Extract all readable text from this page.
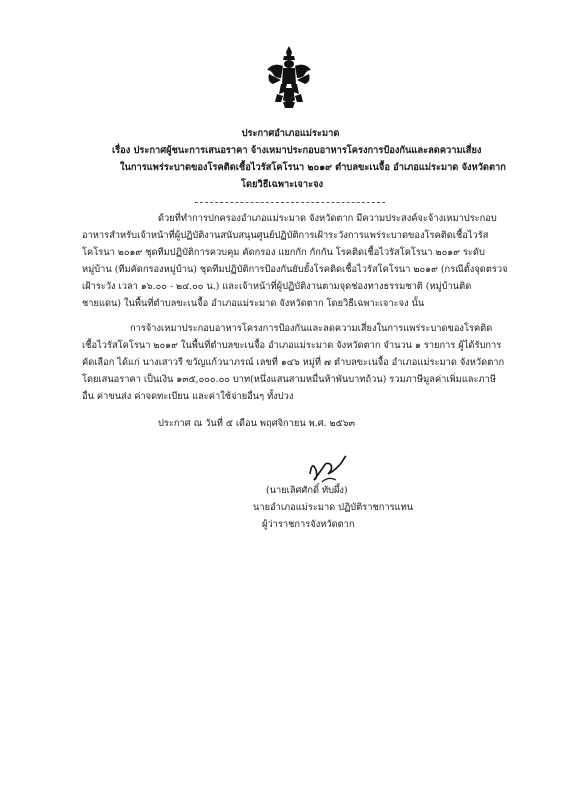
ประกาศอำเภอแม่ระมาด
เรื่อง ประกาศผู้ชนะการเสนอราคา จ้างเหมาประกอบอาหารโครงการป้องกันและลดความเสี่ยง
ในการแพร่ระบาดของโรคติดเชื้อไวรัสโคโรนา ๒๐๑๙ ตำบลขะเนจื้อ อำเภอแม่ระมาด จังหวัดตาก
โดยวิธีเฉพาะเจาะจง
ด้วยที่ทำการปกครองอำเภอแม่ระมาด จังหวัดตาก มีความประสงค์จะจ้างเหมาประกอบ
อาหารสำหรับเจ้าหน้าที่ผู้ปฏิบัติงานสนับสนุนศูนย์ปฏิบัติการเฝ้าระวังการแพร่ระบาดของโรคติดเชื้อไวรัส
โคโรนา ๒๐๑๙ ชุดทีมปฏิบัติการควบคุม คัดกรอง แยกกัก กักกัน โรคติดเชื้อไวรัสโคโรนา ๒๐๑๙ ระดับ
หมู่บ้าน (ทีมคัดกรองหมู่บ้าน) ชุดทีมปฏิบัติการป้องกันยับยั้งโรคติดเชื้อไวรัสโคโรนา ๒๐๑๙ (กรณีตั้งจุดตรวจ
เฝ้าระวัง เวลา ๑๖.๐๐ - ๒๔.๐๐ น.) และเจ้าหน้าที่ผู้ปฏิบัติงานตามจุดช่องทางธรรมชาติ (หมู่บ้านติด
ชายแดน) ในพื้นที่ตำบลขะเนจื้อ อำเภอแม่ระมาด จังหวัดตาก โดยวิธีเฉพาะเจาะจง นั้น
การจ้างเหมาประกอบอาหารโครงการป้องกันและลดความเสี่ยงในการแพร่ระบาดของโรคติด
เชื้อไวรัสโคโรนา ๒๐๑๙ ในพื้นที่ตำบลขะเนจื้อ อำเภอแม่ระมาด จังหวัดตาก จำนวน ๑ รายการ ผู้ได้รับการ
คัดเลือก ได้แก่ นางเสาวรี ขวัญแก้วนาภรณ์ เลขที่ ๑๔๖ หมู่ที่ ๗ ตำบลขะเนจื้อ อำเภอแม่ระมาด จังหวัดตาก
โดยเสนอราคา เป็นเงิน ๑๓๕,๐๐๐.๐๐ บาท(หนึ่งแสนสามหมื่นห้าพันบาทถ้วน) รวมภาษีมูลค่าเพิ่มและภาษี
อื่น ค่าขนส่ง ค่าจดทะเบียน และค่าใช้จ่ายอื่นๆ ทั้งปวง
ประกาศ ณ วันที่ ๕ เดือน พฤศจิกายน พ.ศ. ๒๕๖๓
(นายเลิศศักดิ์ ทับผึ้ง)
นายอำเภอแม่ระมาด ปฏิบัติราชการแทน
ผู้ว่าราชการจังหวัดตาก
